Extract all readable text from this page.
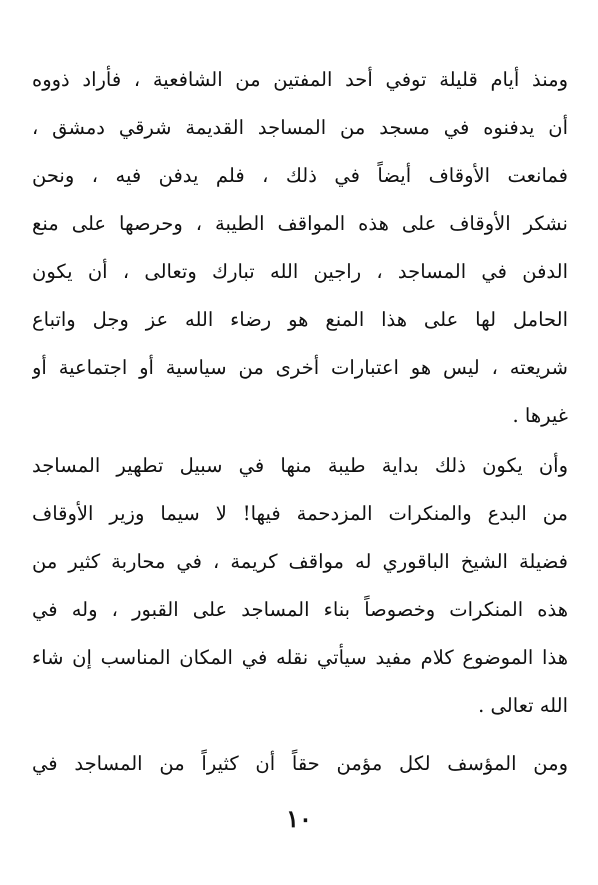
ومنذ أيام قليلة توفي أحد المفتين من الشافعية ، فأراد ذووه
أن يدفنوه في مسجد من المساجد القديمة شرقي دمشق ،
فمانعت الأوقاف أيضاً في ذلك ، فلم يدفن فيه ، ونحن
نشكر الأوقاف على هذه المواقف الطيبة ، وحرصها على منع
الدفن في المساجد ، راجين الله تبارك وتعالى ، أن يكون
الحامل لها على هذا المنع هو رضاء الله عز وجل واتباع
شريعته ، ليس هو اعتبارات أخرى من سياسية أو اجتماعية أو
غيرها .
وأن يكون ذلك بداية طيبة منها في سبيل تطهير المساجد
من البدع والمنكرات المزدحمة فيها! لا سيما وزير الأوقاف
فضيلة الشيخ الباقوري له مواقف كريمة ، في محاربة كثير من
هذه المنكرات وخصوصاً بناء المساجد على القبور ، وله في
هذا الموضوع كلام مفيد سيأتي نقله في المكان المناسب إن شاء
الله تعالى .
ومن المؤسف لكل مؤمن حقاً أن كثيراً من المساجد في
١٠
